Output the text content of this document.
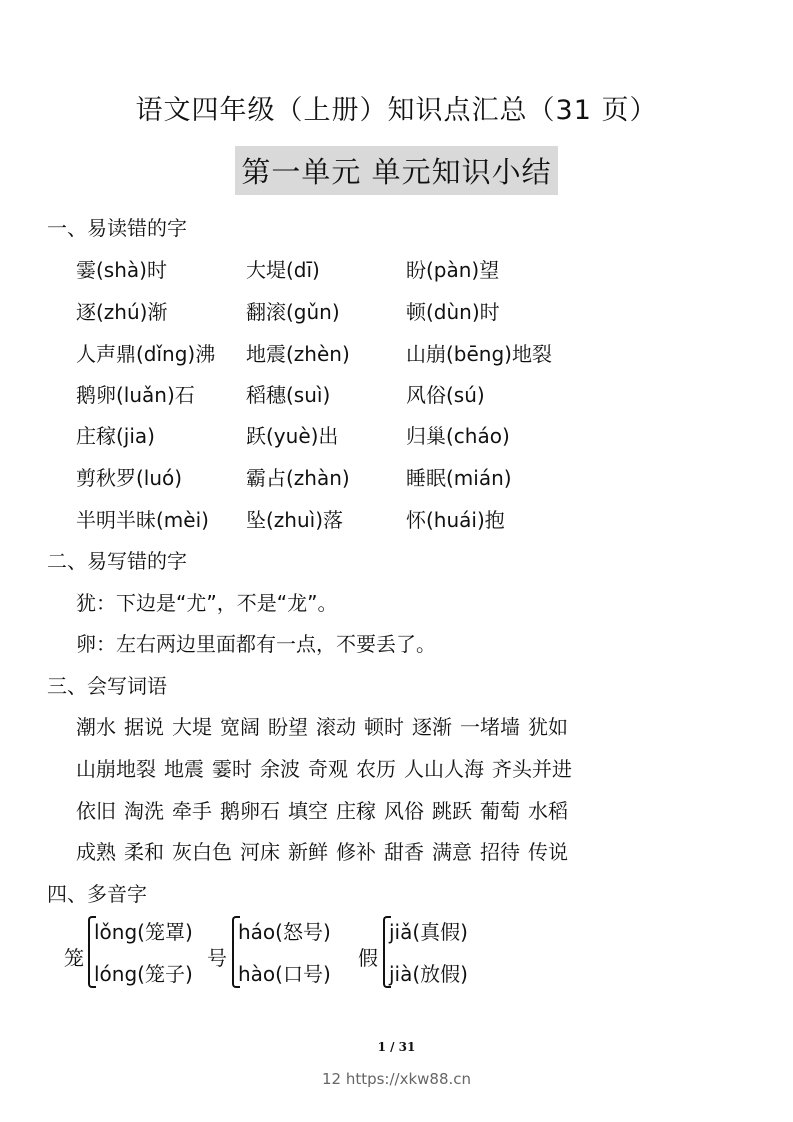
语文四年级（上册）知识点汇总（31 页）
第一单元 单元知识小结
一、易读错的字
霎(shà)时	大堤(dī)	盼(pàn)望
逐(zhú)渐	翻滚(gǔn)	顿(dùn)时
人声鼎(dǐng)沸 地震(zhèn)	山崩(bēng)地裂
鹅卵(luǎn)石	稻穗(suì)	风俗(sú)
庄稼(jia)	跃(yuè)出	归巢(cháo)
剪秋罗(luó)	霸占(zhàn)	睡眠(mián)
半明半昧(mèi) 坠(zhuì)落	怀(huái)抱
二、易写错的字
犹：下边是“尤”，不是“龙”。
卵：左右两边里面都有一点，不要丢了。
三、会写词语
潮水 据说 大堤 宽阔 盼望 滚动 顿时 逐渐 一堵墙 犹如
山崩地裂 地震 霎时 余波 奇观 农历 人山人海 齐头并进
依旧 淘洗 牵手 鹅卵石 填空 庄稼 风俗 跳跃 葡萄 水稻
成熟 柔和 灰白色 河床 新鲜 修补 甜香 满意 招待 传说
四、多音字
笼
lǒng(笼罩)
lóng(笼子)
号
háo(怒号)
hào(口号)
假
jiǎ(真假)
jià(放假)
1 / 31
12 https://xkw88.cn
